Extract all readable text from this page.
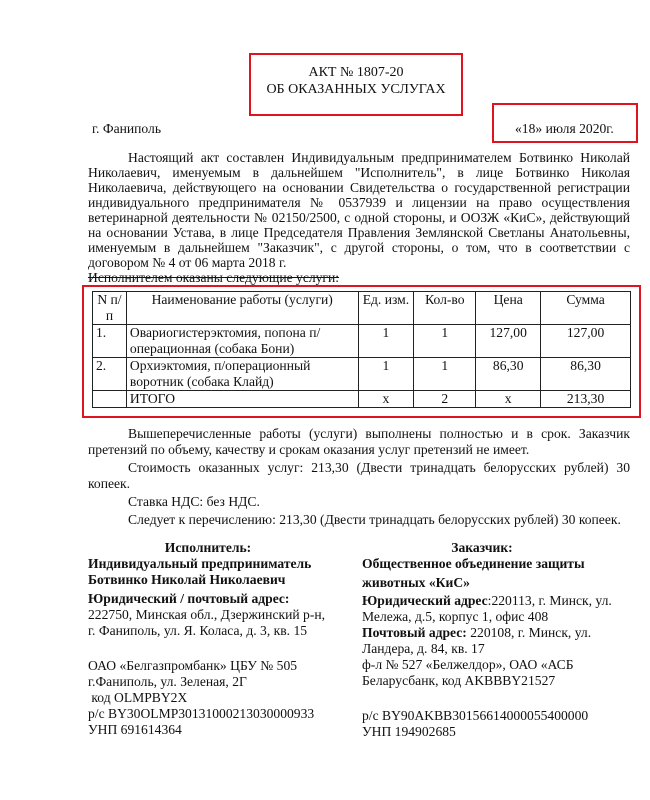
АКТ № 1807-20
ОБ ОКАЗАННЫХ УСЛУГАХ
г. Фаниполь	«18» июля 2020г.
Настоящий акт составлен Индивидуальным предпринимателем Ботвинко Николай Николаевич, именуемым в дальнейшем "Исполнитель", в лице Ботвинко Николая Николаевича, действующего на основании Свидетельства о государственной регистрации индивидуального предпринимателя № 0537939 и лицензии на право осуществления ветеринарной деятельности № 02150/2500, с одной стороны, и ООЗЖ «КиС», действующий на основании Устава, в лице Председателя Правления Землянской Светланы Анатольевны, именуемым в дальнейшем "Заказчик", с другой стороны, о том, что в соответствии с договором № 4 от 06 марта 2018 г.
Исполнителем оказаны следующие услуги:
N п/п	Наименование работы (услуги)	Ед. изм.	Кол-во	Цена	Сумма
1.	Овариогистерэктомия, попона п/операционная (собака Бони)	1	1	127,00	127,00
2.	Орхиэктомия, п/операционный воротник (собака Клайд)	1	1	86,30	86,30
	ИТОГО	х	2	х	213,30
Вышеперечисленные работы (услуги) выполнены полностью и в срок. Заказчик претензий по объему, качеству и срокам оказания услуг претензий не имеет.
Стоимость оказанных услуг: 213,30 (Двести тринадцать белорусских рублей) 30 копеек.
Ставка НДС: без НДС.
Следует к перечислению: 213,30 (Двести тринадцать белорусских рублей) 30 копеек.
Исполнитель:
Индивидуальный предприниматель
Ботвинко Николай Николаевич
Юридический / почтовый адрес:
222750, Минская обл., Дзержинский р-н,
г. Фаниполь, ул. Я. Коласа, д. 3, кв. 15
ОАО «Белгазпромбанк» ЦБУ № 505
г.Фаниполь, ул. Зеленая, 2Г
код OLMPBY2X
р/с BY30OLMP30131000213030000933
УНП 691614364
Заказчик:
Общественное объединение защиты
животных «КиС»
Юридический адрес:220113, г. Минск, ул.
Мележа, д.5, корпус 1, офис 408
Почтовый адрес: 220108, г. Минск, ул.
Ландера, д. 84, кв. 17
ф-л № 527 «Белжелдор», ОАО «АСБ
Беларусбанк, код AKBBBY21527
р/с BY90AKBB30156614000055400000
УНП 194902685
